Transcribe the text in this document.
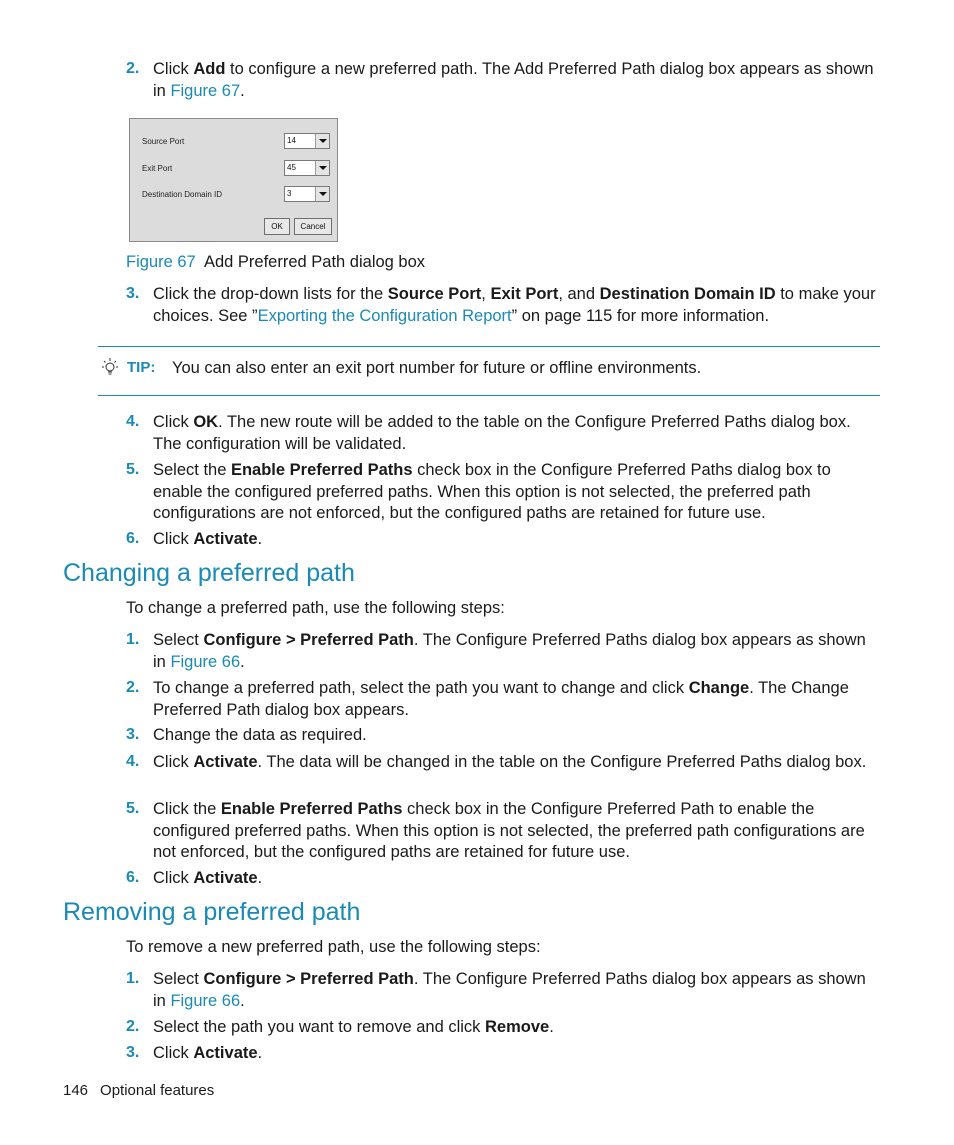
2. Click Add to configure a new preferred path. The Add Preferred Path dialog box appears as shown in Figure 67.
Source Port	14
Exit Port	45
Destination Domain ID	3
OK	Cancel
Figure 67  Add Preferred Path dialog box
3. Click the drop-down lists for the Source Port, Exit Port, and Destination Domain ID to make your choices. See ”Exporting the Configuration Report” on page 115 for more information.
TIP: You can also enter an exit port number for future or offline environments.
4. Click OK. The new route will be added to the table on the Configure Preferred Paths dialog box. The configuration will be validated.
5. Select the Enable Preferred Paths check box in the Configure Preferred Paths dialog box to enable the configured preferred paths. When this option is not selected, the preferred path configurations are not enforced, but the configured paths are retained for future use.
6. Click Activate.
Changing a preferred path
To change a preferred path, use the following steps:
1. Select Configure > Preferred Path. The Configure Preferred Paths dialog box appears as shown in Figure 66.
2. To change a preferred path, select the path you want to change and click Change. The Change Preferred Path dialog box appears.
3. Change the data as required.
4. Click Activate. The data will be changed in the table on the Configure Preferred Paths dialog box.
5. Click the Enable Preferred Paths check box in the Configure Preferred Path to enable the configured preferred paths. When this option is not selected, the preferred path configurations are not enforced, but the configured paths are retained for future use.
6. Click Activate.
Removing a preferred path
To remove a new preferred path, use the following steps:
1. Select Configure > Preferred Path. The Configure Preferred Paths dialog box appears as shown in Figure 66.
2. Select the path you want to remove and click Remove.
3. Click Activate.
146 Optional features
